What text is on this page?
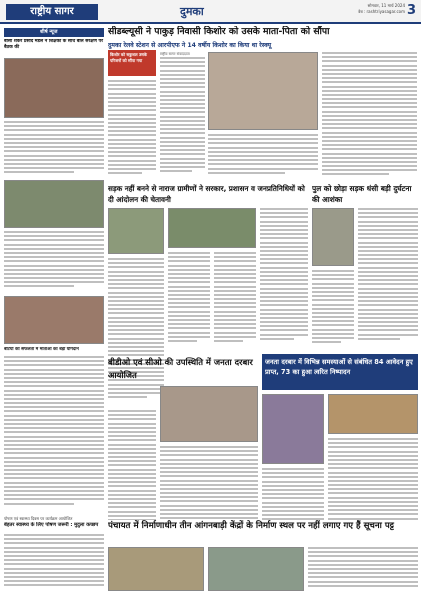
राष्ट्रीय सागर	दुमका	सोमवार, 11 मार्च 2024
वेब : rashtriyasagar.com 3
शीर्ष न्यूज
बासी शंकर प्रसाद मंडल ने शिक्षकों के साथ बाल संरक्षण पर बैठक की
बेटियों की सफलता में माताओं का बड़ा योगदान
पोषण एवं स्वास्थ्य दिवस पर कार्यक्रम आयोजित
बेहतर स्वास्थ्य के लिए पोषण जरूरी : मुदुला कच्छप
सीडब्ल्यूसी ने पाकुड़ निवासी किशोर को उसके माता-पिता को सौंपा
दुमका रेलवे स्टेशन से आरपीएफ ने 14 वर्षीय किशोर का किया था रेस्क्यू
किशोर को सकुशल उसके परिजनों को सौंपा गया
राष्ट्रीय सागर संवाददाता
सड़क नहीं बनने से नाराज ग्रामीणों ने सरकार, प्रशासन व जनप्रतिनिधियों को दी आंदोलन की चेतावनी
पुल को छोड़ा सड़क धंसी बड़ी दुर्घटना की आशंका
बीडीओ एवं सीओ की उपस्थिति में जनता दरबार आयोजित
जनता दरबार में विभिन्न समस्याओं से संबंधित 84 आवेदन हुए प्राप्त, 73 का हुआ त्वरित निष्पादन
पंचायत में निर्माणाधीन तीन आंगनबाड़ी केंद्रों के निर्माण स्थल पर नहीं लगाए गए हैं सूचना पट्ट
